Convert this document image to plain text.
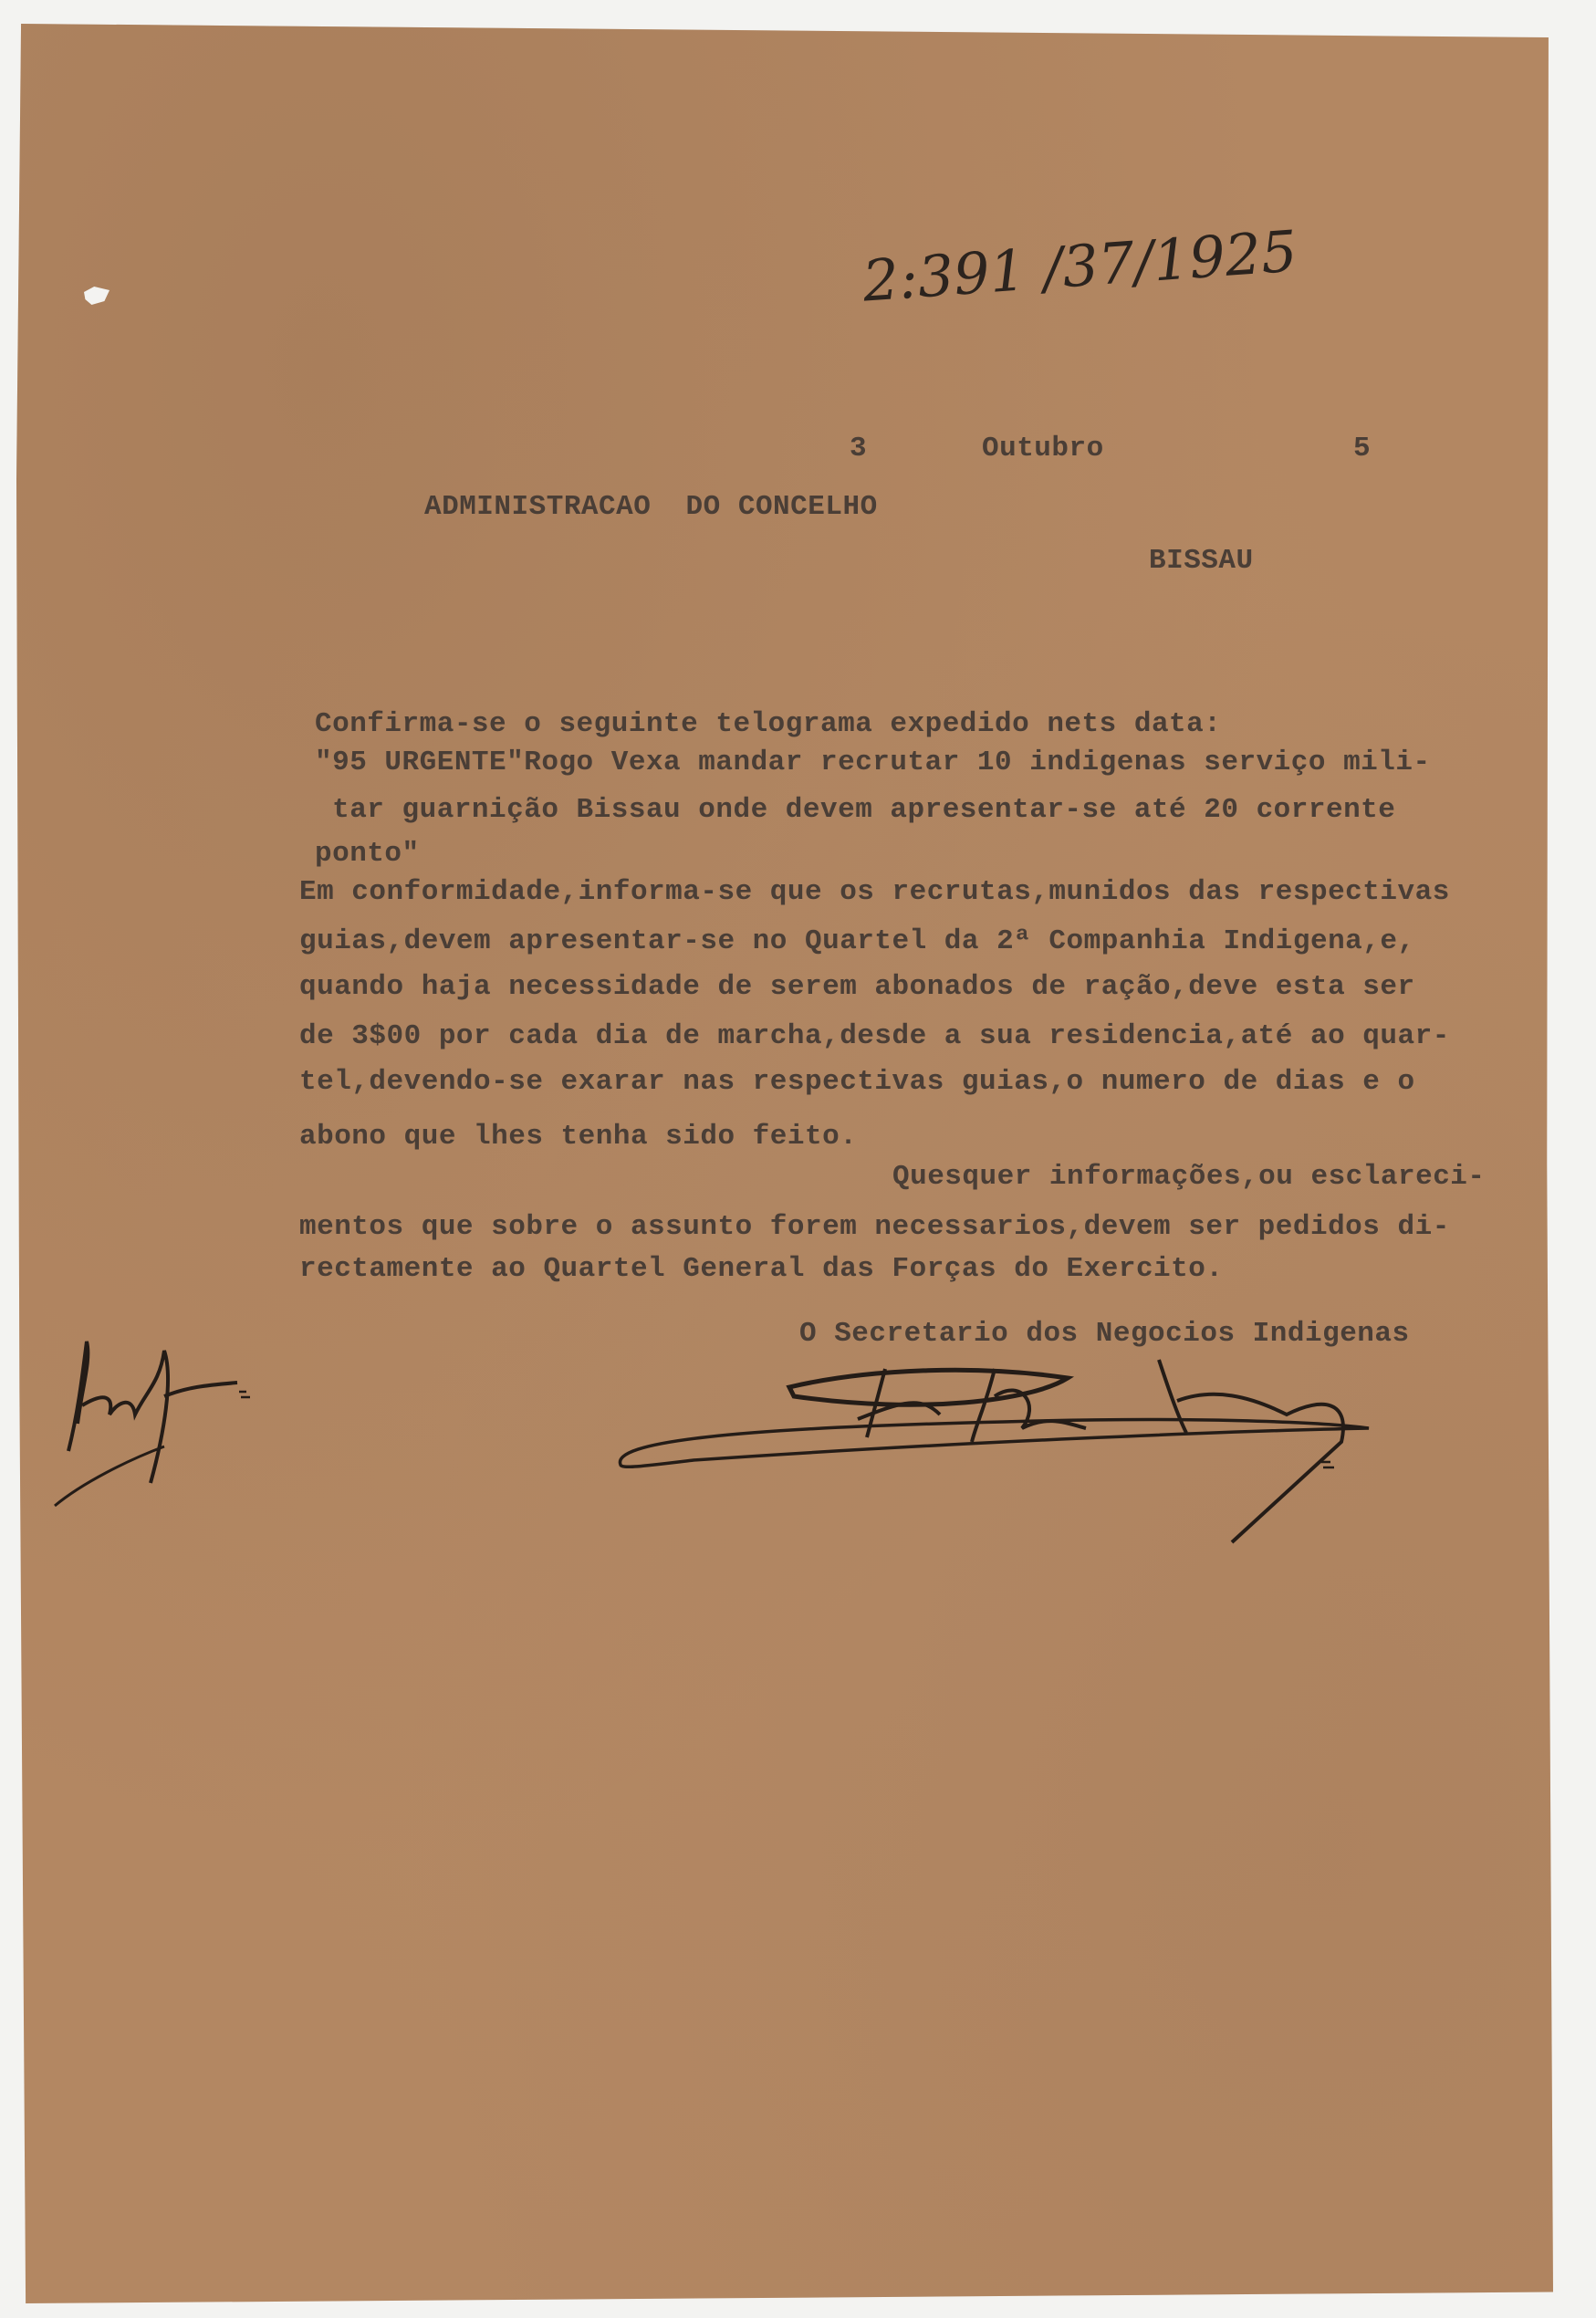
2:391 /37/1925
3	Outubro	5
ADMINISTRACAO  DO CONCELHO
BISSAU
Confirma-se o seguinte telograma expedido nets data:
"95 URGENTE"Rogo Vexa mandar recrutar 10 indigenas serviço mili-
tar guarnição Bissau onde devem apresentar-se até 20 corrente
ponto"
Em conformidade,informa-se que os recrutas,munidos das respectivas
guias,devem apresentar-se no Quartel da 2ª Companhia Indigena,e,
quando haja necessidade de serem abonados de ração,deve esta ser
de 3$00 por cada dia de marcha,desde a sua residencia,até ao quar-
tel,devendo-se exarar nas respectivas guias,o numero de dias e o
abono que lhes tenha sido feito.
Quesquer informações,ou esclareci-
mentos que sobre o assunto forem necessarios,devem ser pedidos di-
rectamente ao Quartel General das Forças do Exercito.
O Secretario dos Negocios Indigenas
